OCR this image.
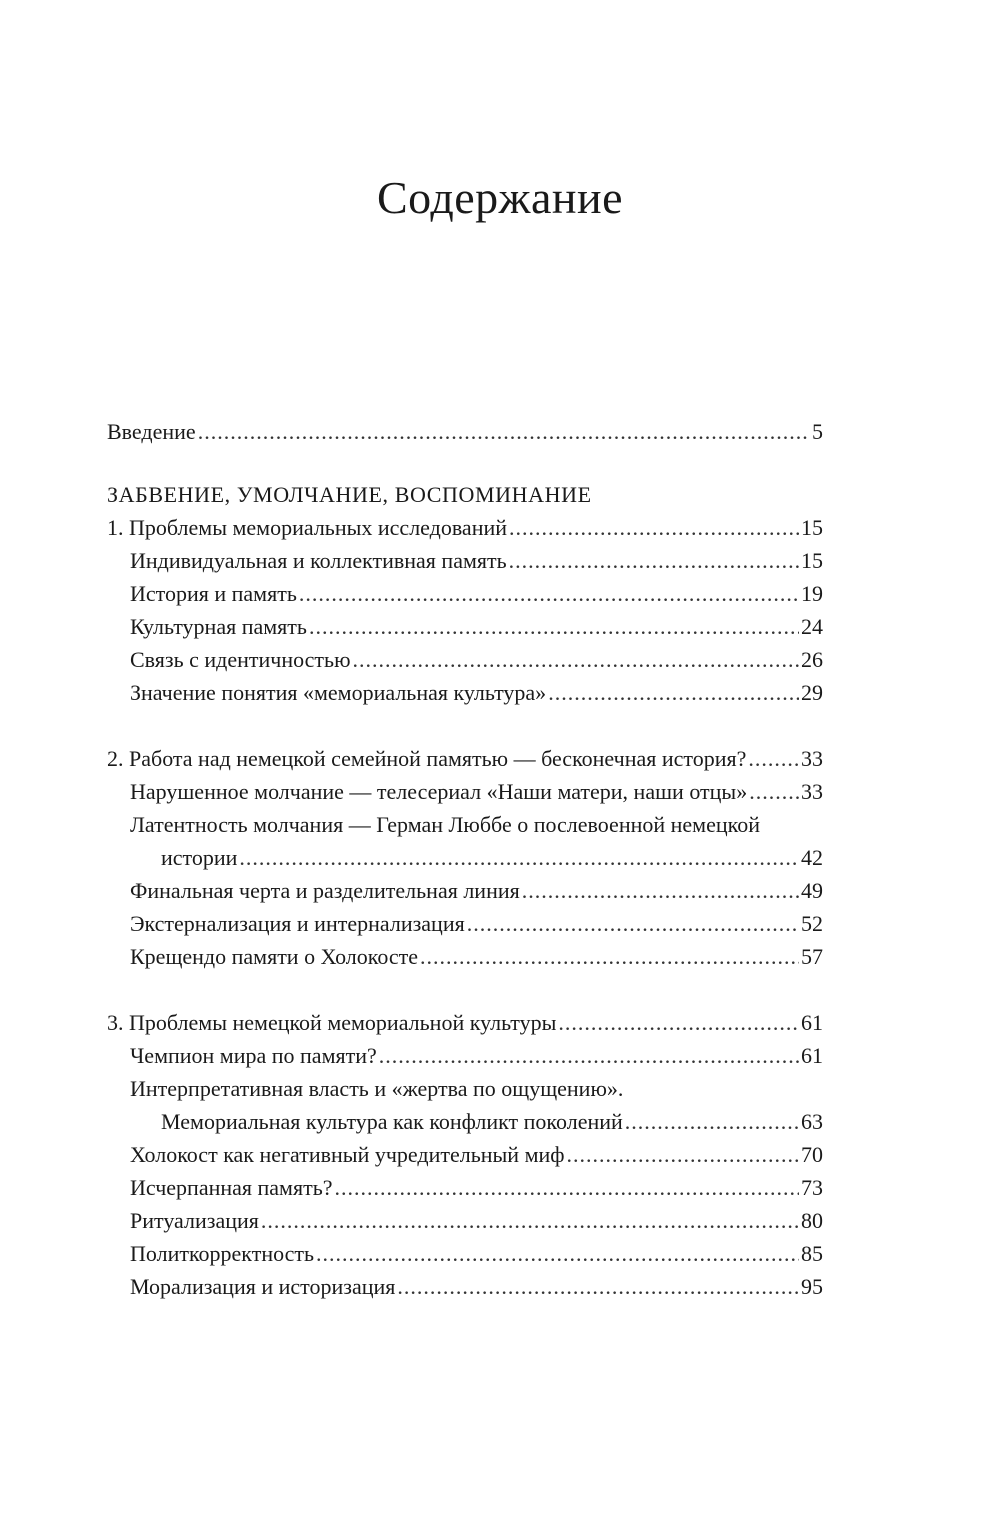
Содержание
Введение .....	5
ЗАБВЕНИЕ, УМОЛЧАНИЕ, ВОСПОМИНАНИЕ
1. Проблемы мемориальных исследований .....	15
Индивидуальная и коллективная память .....	15
История и память .....	19
Культурная память .....	24
Связь с идентичностью .....	26
Значение понятия «мемориальная культура» .....	29
2. Работа над немецкой семейной памятью — бесконечная история? ..... 33
Нарушенное молчание — телесериал «Наши матери, наши отцы» ..... 33
Латентность молчания — Герман Люббе о послевоенной немецкой
истории .....	42
Финальная черта и разделительная линия .....	49
Экстернализация и интернализация .....	52
Крещендо памяти о Холокосте .....	57
3. Проблемы немецкой мемориальной культуры .....	61
Чемпион мира по памяти? .....	61
Интерпретативная власть и «жертва по ощущению».
Мемориальная культура как конфликт поколений .....	63
Холокост как негативный учредительный миф .....	70
Исчерпанная память? .....	73
Ритуализация .....	80
Политкорректность .....	85
Морализация и историзация .....	95
